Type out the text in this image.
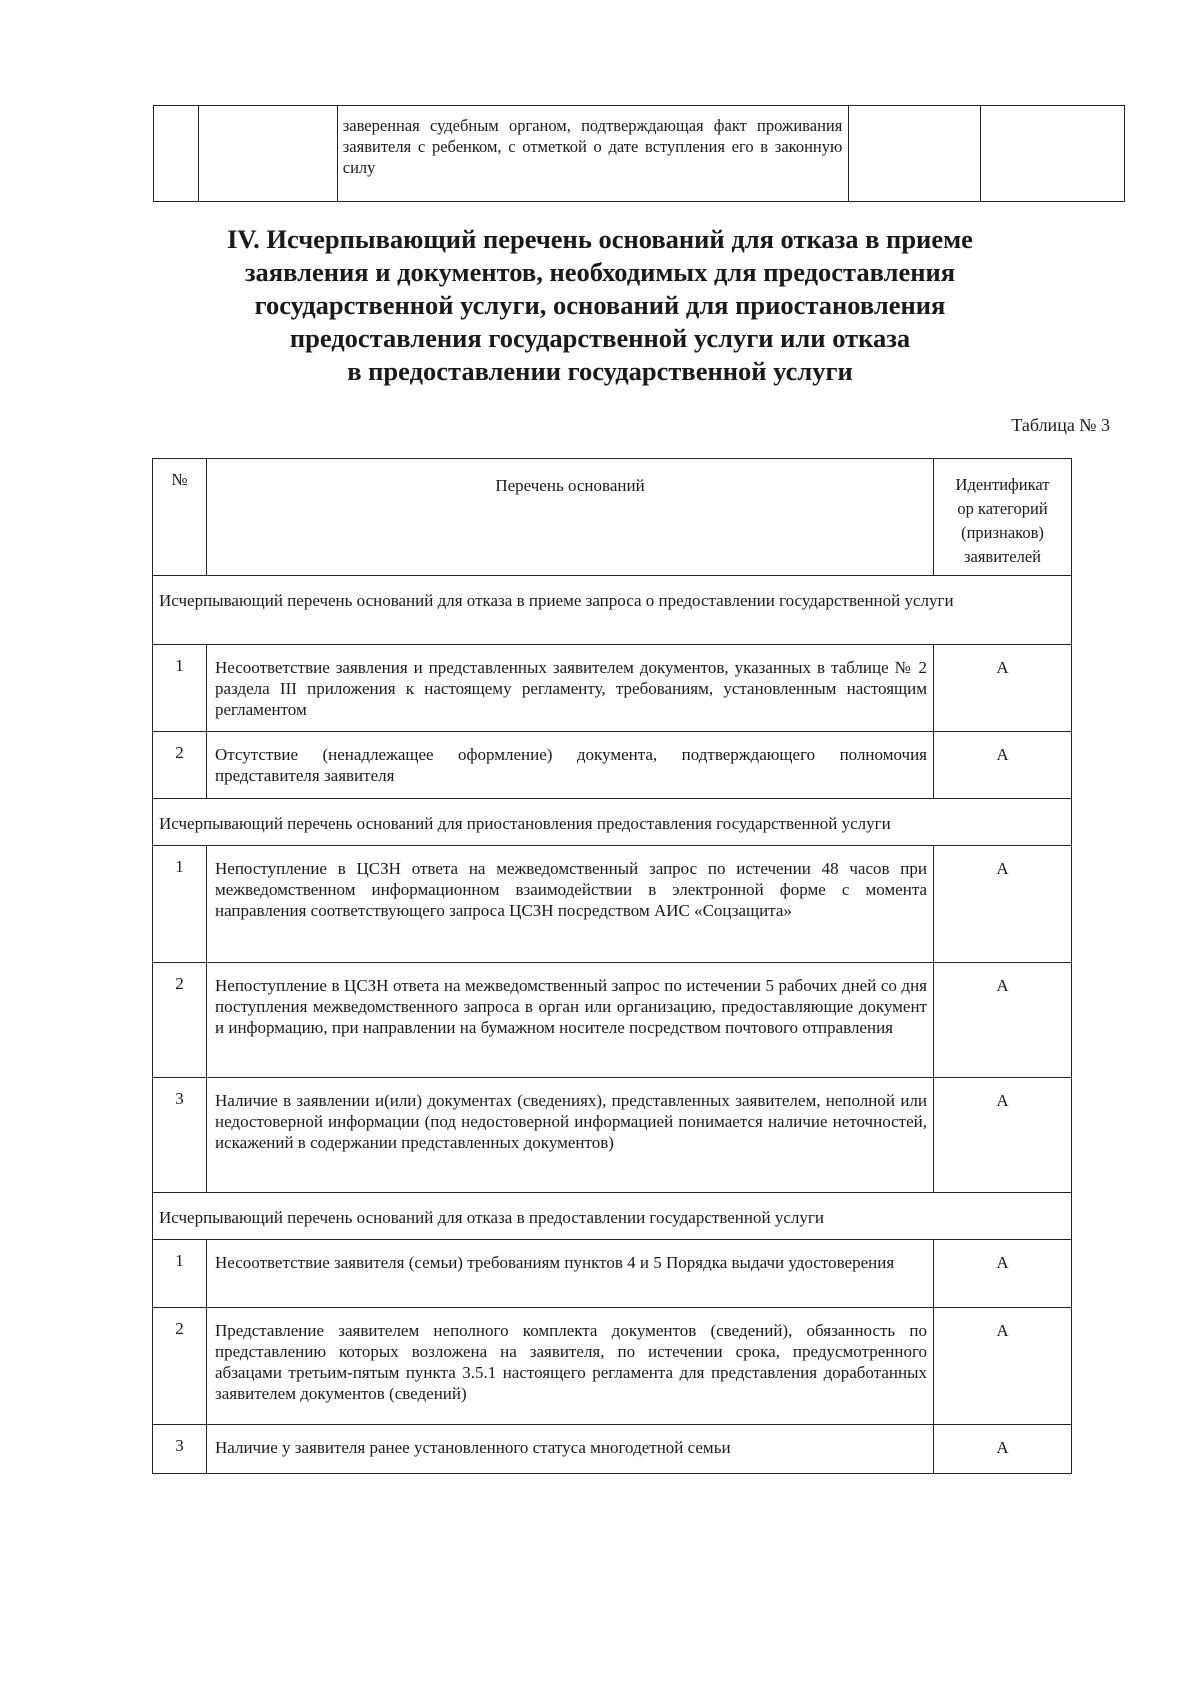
		заверенная судебным органом, подтверждающая факт проживания заявителя с ребенком, с отметкой о дате вступления его в законную силу		
IV. Исчерпывающий перечень оснований для отказа в приеме
заявления и документов, необходимых для предоставления
государственной услуги, оснований для приостановления
предоставления государственной услуги или отказа
в предоставлении государственной услуги
Таблица № 3
№	Перечень оснований	Идентификат
ор категорий
(признаков)
заявителей
Исчерпывающий перечень оснований для отказа в приеме запроса о предоставлении государственной услуги		
1	Несоответствие заявления и представленных заявителем документов, указанных в таблице № 2 раздела III приложения к настоящему регламенту, требованиям, установленным настоящим регламентом	А
2	Отсутствие (ненадлежащее оформление) документа, подтверждающего полномочия представителя заявителя	А
Исчерпывающий перечень оснований для приостановления предоставления государственной услуги		
1	Непоступление в ЦСЗН ответа на межведомственный запрос по истечении 48 часов при межведомственном информационном взаимодействии в электронной форме с момента направления соответствующего запроса ЦСЗН посредством АИС «Соцзащита»	А
2	Непоступление в ЦСЗН ответа на межведомственный запрос по истечении 5 рабочих дней со дня поступления межведомственного запроса в орган или организацию, предоставляющие документ и информацию, при направлении на бумажном носителе посредством почтового отправления	А
3	Наличие в заявлении и(или) документах (сведениях), представленных заявителем, неполной или недостоверной информации (под недостоверной информацией понимается наличие неточностей, искажений в содержании представленных документов)	А
Исчерпывающий перечень оснований для отказа в предоставлении государственной услуги		
1	Несоответствие заявителя (семьи) требованиям пунктов 4 и 5 Порядка выдачи удостоверения	А
2	Представление заявителем неполного комплекта документов (сведений), обязанность по представлению которых возложена на заявителя, по истечении срока, предусмотренного абзацами третьим-пятым пункта 3.5.1 настоящего регламента для представления доработанных заявителем документов (сведений)	А
3	Наличие у заявителя ранее установленного статуса многодетной семьи	А
